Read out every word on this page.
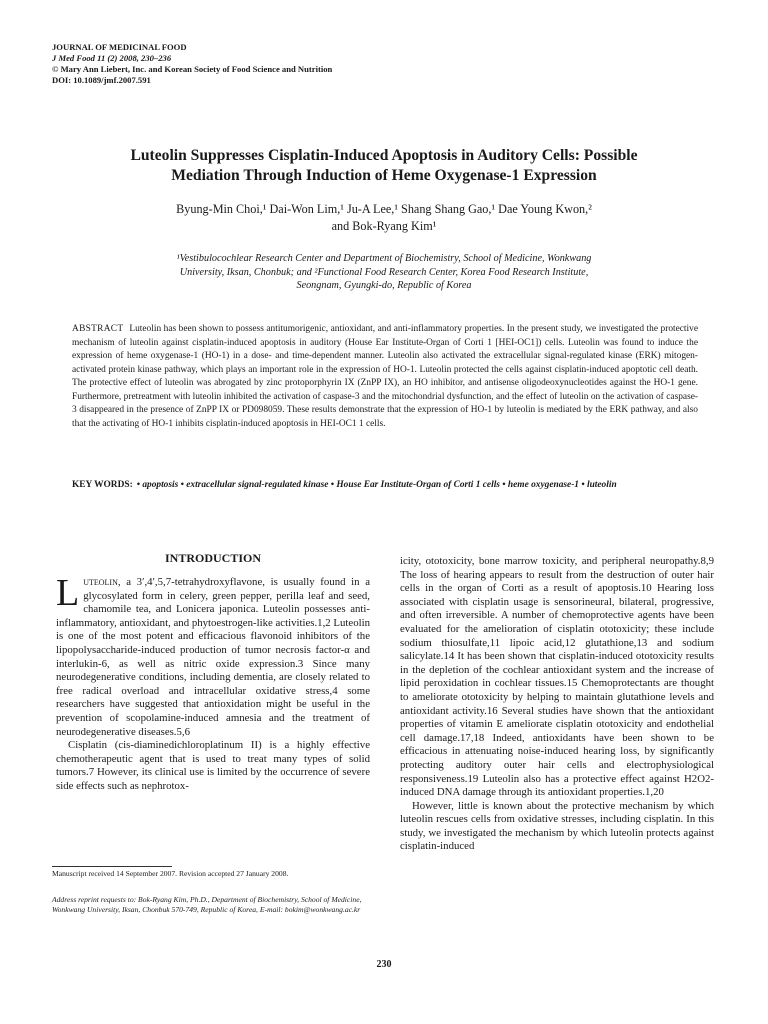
JOURNAL OF MEDICINAL FOOD
J Med Food 11 (2) 2008, 230–236
© Mary Ann Liebert, Inc. and Korean Society of Food Science and Nutrition
DOI: 10.1089/jmf.2007.591
Luteolin Suppresses Cisplatin-Induced Apoptosis in Auditory Cells: Possible
Mediation Through Induction of Heme Oxygenase-1 Expression
Byung-Min Choi,¹ Dai-Won Lim,¹ Ju-A Lee,¹ Shang Shang Gao,¹ Dae Young Kwon,²
and Bok-Ryang Kim¹
¹Vestibulocochlear Research Center and Department of Biochemistry, School of Medicine, Wonkwang
University, Iksan, Chonbuk; and ²Functional Food Research Center, Korea Food Research Institute,
Seongnam, Gyungki-do, Republic of Korea
ABSTRACT Luteolin has been shown to possess antitumorigenic, antioxidant, and anti-inflammatory properties. In the present study, we investigated the protective mechanism of luteolin against cisplatin-induced apoptosis in auditory (House Ear Institute-Organ of Corti 1 [HEI-OC1]) cells. Luteolin was found to induce the expression of heme oxygenase-1 (HO-1) in a dose- and time-dependent manner. Luteolin also activated the extracellular signal-regulated kinase (ERK) mitogen-activated protein kinase pathway, which plays an important role in the expression of HO-1. Luteolin protected the cells against cisplatin-induced apoptotic cell death. The protective effect of luteolin was abrogated by zinc protoporphyrin IX (ZnPP IX), an HO inhibitor, and antisense oligodeoxynucleotides against the HO-1 gene. Furthermore, pretreatment with luteolin inhibited the activation of caspase-3 and the mitochondrial dysfunction, and the effect of luteolin on the activation of caspase-3 disappeared in the presence of ZnPP IX or PD098059. These results demonstrate that the expression of HO-1 by luteolin is mediated by the ERK pathway, and also that the activating of HO-1 inhibits cisplatin-induced apoptosis in HEI-OC1 1 cells.
KEY WORDS: • apoptosis • extracellular signal-regulated kinase • House Ear Institute-Organ of Corti 1 cells • heme oxygenase-1 • luteolin
INTRODUCTION

Luteolin, a 3′,4′,5,7-tetrahydroxyflavone, is usually found in a glycosylated form in celery, green pepper, perilla leaf and seed, chamomile tea, and Lonicera japonica. Luteolin possesses anti-inflammatory, antioxidant, and phytoestrogen-like activities.1,2 Luteolin is one of the most potent and efficacious flavonoid inhibitors of the lipopolysaccharide-induced production of tumor necrosis factor-α and interlukin-6, as well as nitric oxide expression.3 Since many neurodegenerative conditions, including dementia, are closely related to free radical overload and intracellular oxidative stress,4 some researchers have suggested that antioxidation might be useful in the prevention of scopolamine-induced amnesia and the treatment of neurodegenerative diseases.5,6

Cisplatin (cis-diaminedichloroplatinum II) is a highly effective chemotherapeutic agent that is used to treat many types of solid tumors.7 However, its clinical use is limited by the occurrence of severe side effects such as nephrotox-

icity, ototoxicity, bone marrow toxicity, and peripheral neuropathy.8,9 The loss of hearing appears to result from the destruction of outer hair cells in the organ of Corti as a result of apoptosis.10 Hearing loss associated with cisplatin usage is sensorineural, bilateral, progressive, and often irreversible. A number of chemoprotective agents have been evaluated for the amelioration of cisplatin ototoxicity; these include sodium thiosulfate,11 lipoic acid,12 glutathione,13 and sodium salicylate.14 It has been shown that cisplatin-induced ototoxicity results in the depletion of the cochlear antioxidant system and the increase of lipid peroxidation in cochlear tissues.15 Chemoprotectants are thought to ameliorate ototoxicity by helping to maintain glutathione levels and antioxidant activity.16 Several studies have shown that the antioxidant properties of vitamin E ameliorate cisplatin ototoxicity and endothelial cell damage.17,18 Indeed, antioxidants have been shown to be efficacious in attenuating noise-induced hearing loss, by significantly protecting auditory outer hair cells and electrophysiological responsiveness.19 Luteolin also has a protective effect against H2O2-induced DNA damage through its antioxidant properties.1,20

However, little is known about the protective mechanism by which luteolin rescues cells from oxidative stresses, including cisplatin. In this study, we investigated the mechanism by which luteolin protects against cisplatin-induced

Manuscript received 14 September 2007. Revision accepted 27 January 2008.
Address reprint requests to: Bok-Ryang Kim, Ph.D., Department of Biochemistry, School of Medicine, Wonkwang University, Iksan, Chonbuk 570-749, Republic of Korea, E-mail: bokim@wonkwang.ac.kr
230
